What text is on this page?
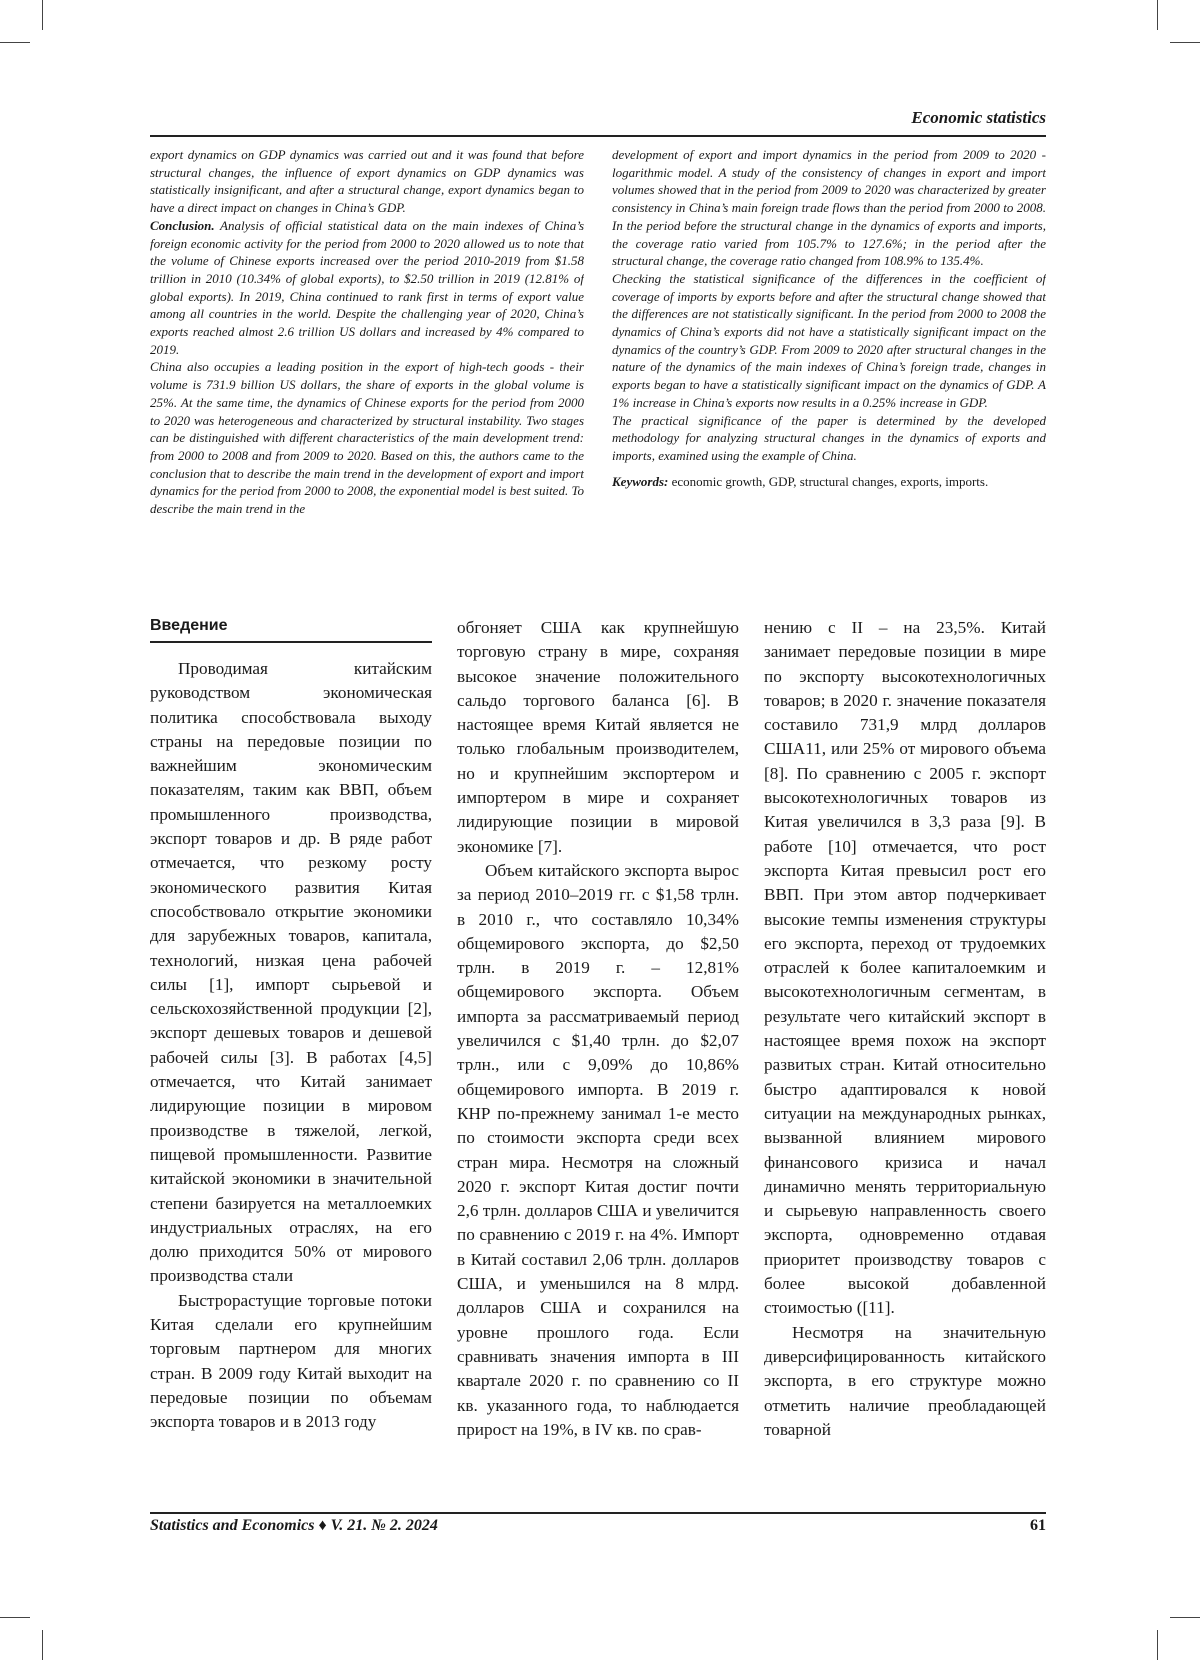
Economic statistics

export dynamics on GDP dynamics was carried out and it was found that before structural changes, the influence of export dynamics on GDP dynamics was statistically insignificant, and after a structural change, export dynamics began to have a direct impact on changes in China’s GDP.

Conclusion. Analysis of official statistical data on the main indexes of China’s foreign economic activity for the period from 2000 to 2020 allowed us to note that the volume of Chinese exports increased over the period 2010-2019 from $1.58 trillion in 2010 (10.34% of global exports), to $2.50 trillion in 2019 (12.81% of global exports). In 2019, China continued to rank first in terms of export value among all countries in the world. Despite the challenging year of 2020, China’s exports reached almost 2.6 trillion US dollars and increased by 4% compared to 2019.

China also occupies a leading position in the export of high-tech goods - their volume is 731.9 billion US dollars, the share of exports in the global volume is 25%. At the same time, the dynamics of Chinese exports for the period from 2000 to 2020 was heterogeneous and characterized by structural instability. Two stages can be distinguished with different characteristics of the main development trend: from 2000 to 2008 and from 2009 to 2020. Based on this, the authors came to the conclusion that to describe the main trend in the development of export and import dynamics for the period from 2000 to 2008, the exponential model is best suited. To describe the main trend in the

development of export and import dynamics in the period from 2009 to 2020 - logarithmic model. A study of the consistency of changes in export and import volumes showed that in the period from 2009 to 2020 was characterized by greater consistency in China’s main foreign trade flows than the period from 2000 to 2008. In the period before the structural change in the dynamics of exports and imports, the coverage ratio varied from 105.7% to 127.6%; in the period after the structural change, the coverage ratio changed from 108.9% to 135.4%.

Checking the statistical significance of the differences in the coefficient of coverage of imports by exports before and after the structural change showed that the differences are not statistically significant. In the period from 2000 to 2008 the dynamics of China’s exports did not have a statistically significant impact on the dynamics of the country’s GDP. From 2009 to 2020 after structural changes in the nature of the dynamics of the main indexes of China’s foreign trade, changes in exports began to have a statistically significant impact on the dynamics of GDP. A 1% increase in China’s exports now results in a 0.25% increase in GDP.

The practical significance of the paper is determined by the developed methodology for analyzing structural changes in the dynamics of exports and imports, examined using the example of China.

Keywords: economic growth, GDP, structural changes, exports, imports.

Введение

Проводимая китайским руководством экономическая политика способствовала выходу страны на передовые позиции по важнейшим экономическим показателям, таким как ВВП, объем промышленного производства, экспорт товаров и др. В ряде работ отмечается, что резкому росту экономического развития Китая способствовало открытие экономики для зарубежных товаров, капитала, технологий, низкая цена рабочей силы [1], импорт сырьевой и сельскохозяйственной продукции [2], экспорт дешевых товаров и дешевой рабочей силы [3]. В работах [4,5] отмечается, что Китай занимает лидирующие позиции в мировом производстве в тяжелой, легкой, пищевой промышленности. Развитие китайской экономики в значительной степени базируется на металлоемких индустриальных отраслях, на его долю приходится 50% от мирового производства стали

Быстрорастущие торговые потоки Китая сделали его крупнейшим торговым партнером для многих стран. В 2009 году Китай выходит на передовые позиции по объемам экспорта товаров и в 2013 году

обгоняет США как крупнейшую торговую страну в мире, сохраняя высокое значение положительного сальдо торгового баланса [6]. В настоящее время Китай является не только глобальным производителем, но и крупнейшим экспортером и импортером в мире и сохраняет лидирующие позиции в мировой экономике [7].

Объем китайского экспорта вырос за период 2010–2019 гг. с $1,58 трлн. в 2010 г., что составляло 10,34% общемирового экспорта, до $2,50 трлн. в 2019 г. – 12,81% общемирового экспорта. Объем импорта за рассматриваемый период увеличился с $1,40 трлн. до $2,07 трлн., или с 9,09% до 10,86% общемирового импорта. В 2019 г. КНР по-прежнему занимал 1-е место по стоимости экспорта среди всех стран мира. Несмотря на сложный 2020 г. экспорт Китая достиг почти 2,6 трлн. долларов США и увеличится по сравнению с 2019 г. на 4%. Импорт в Китай составил 2,06 трлн. долларов США, и уменьшился на 8 млрд. долларов США и сохранился на уровне прошлого года. Если сравнивать значения импорта в III квартале 2020 г. по сравнению со II кв. указанного года, то наблюдается прирост на 19%, в IV кв. по срав-

нению с II – на 23,5%. Китай занимает передовые позиции в мире по экспорту высокотехнологичных товаров; в 2020 г. значение показателя составило 731,9 млрд долларов США11, или 25% от мирового объема [8]. По сравнению с 2005 г. экспорт высокотехнологичных товаров из Китая увеличился в 3,3 раза [9]. В работе [10] отмечается, что рост экспорта Китая превысил рост его ВВП. При этом автор подчеркивает высокие темпы изменения структуры его экспорта, переход от трудоемких отраслей к более капиталоемким и высокотехнологичным сегментам, в результате чего китайский экспорт в настоящее время похож на экспорт развитых стран. Китай относительно быстро адаптировался к новой ситуации на международных рынках, вызванной влиянием мирового финансового кризиса и начал динамично менять территориальную и сырьевую направленность своего экспорта, одновременно отдавая приоритет производству товаров с более высокой добавленной стоимостью ([11].

Несмотря на значительную диверсифицированность китайского экспорта, в его структуре можно отметить наличие преобладающей товарной

Statistics and Economics ♦ V. 21. № 2. 2024	61
